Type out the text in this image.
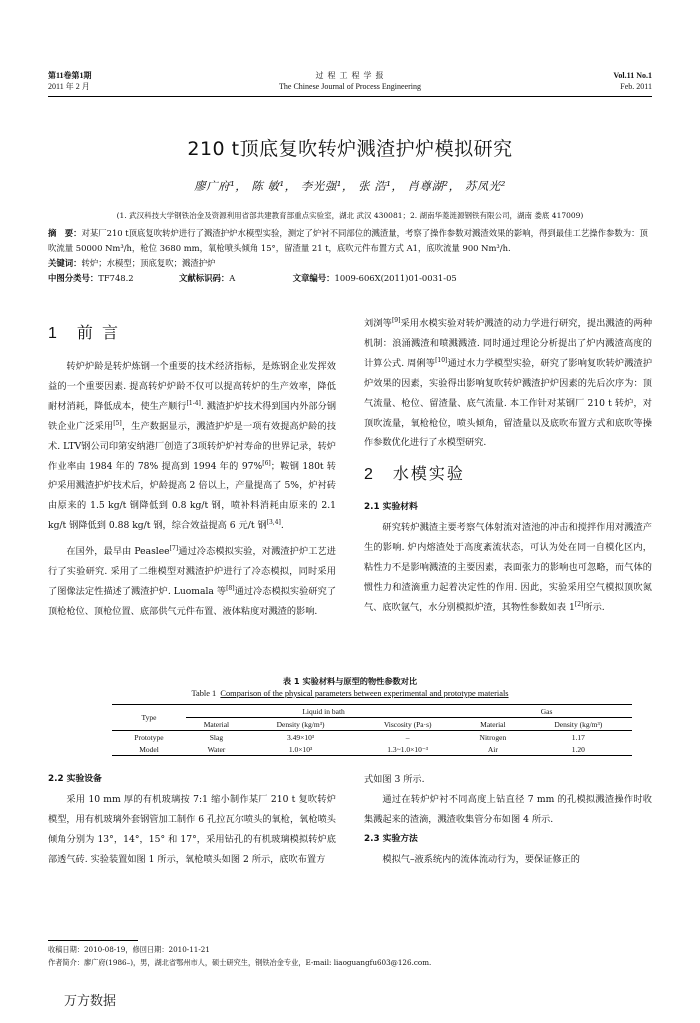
第11卷第1期
2011 年 2 月
过 程 工 程 学 报
The Chinese Journal of Process Engineering
Vol.11 No.1
Feb. 2011
210 t顶底复吹转炉溅渣护炉模拟研究
廖广府¹， 陈 敏¹， 李光强¹， 张 浩¹， 肖尊湖²， 苏凤光²
(1. 武汉科技大学钢铁冶金及资源利用省部共建教育部重点实验室，湖北 武汉 430081；2. 湖南华菱涟源钢铁有限公司，湖南 娄底 417009)

摘　要：对某厂210 t顶底复吹转炉进行了溅渣护炉水模型实验，测定了炉衬不同部位的溅渣量，考察了操作参数对溅渣效果的影响，得到最佳工艺操作参数为：顶吹流量 50000 Nm³/h，枪位 3680 mm，氧枪喷头倾角 15°，留渣量 21 t，底吹元件布置方式 A1，底吹流量 900 Nm³/h.

关键词：转炉；水模型；顶底复吹；溅渣护炉

中图分类号：TF748.2	文献标识码：A	文章编号：1009-606X(2011)01-0031-05

1 前 言

转炉炉龄是转炉炼钢一个重要的技术经济指标，是炼钢企业发挥效益的一个重要因素. 提高转炉炉龄不仅可以提高转炉的生产效率，降低耐材消耗，降低成本，使生产顺行[1-4]. 溅渣护炉技术得到国内外部分钢铁企业广泛采用[5]，生产数据显示，溅渣护炉是一项有效提高炉龄的技术. LTV钢公司印第安纳港厂创造了3项转炉炉衬寿命的世界记录，转炉作业率由 1984 年的 78% 提高到 1994 年的 97%[6]；鞍钢 180t 转炉采用溅渣护炉技术后，炉龄提高 2 倍以上，产量提高了 5%，炉衬砖由原来的 1.5 kg/t 钢降低到 0.8 kg/t 钢，喷补料消耗由原来的 2.1 kg/t 钢降低到 0.88 kg/t 钢，综合效益提高 6 元/t 钢[3,4].

在国外，最早由 Peaslee[7]通过冷态模拟实验，对溅渣护炉工艺进行了实验研究. 采用了二维模型对溅渣护炉进行了冷态模拟，同时采用了图像法定性描述了溅渣护炉. Luomala 等[8]通过冷态模拟实验研究了顶枪枪位、顶枪位置、底部供气元件布置、液体粘度对溅渣的影响.

刘浏等[9]采用水模实验对转炉溅渣的动力学进行研究，提出溅渣的两种机制：浪涌溅渣和喷溅溅渣. 同时通过理论分析提出了炉内溅渣高度的计算公式. 周俐等[10]通过水力学模型实验，研究了影响复吹转炉溅渣护炉效果的因素，实验得出影响复吹转炉溅渣护炉因素的先后次序为：顶气流量、枪位、留渣量、底气流量. 本工作针对某钢厂 210 t 转炉，对顶吹流量，氧枪枪位，喷头倾角，留渣量以及底吹布置方式和底吹等操作参数优化进行了水模型研究.

2 水模实验
2.1 实验材料

研究转炉溅渣主要考察气体射流对渣池的冲击和搅拌作用对溅渣产生的影响. 炉内熔渣处于高度紊流状态，可认为处在同一自模化区内，粘性力不是影响溅渣的主要因素，表面张力的影响也可忽略，而气体的惯性力和渣滴重力起着决定性的作用. 因此，实验采用空气模拟顶吹氮气、底吹氩气，水分别模拟炉渣，其物性参数如表 1[2]所示.

表 1 实验材料与原型的物性参数对比
Table 1 Comparison of the physical parameters between experimental and prototype materials
Type	Liquid in bath			Gas	
	Material	Density (kg/m³)	Viscosity (Pa·s)	Material	Density (kg/m³)
Prototype	Slag	3.49×10³	–	Nitrogen	1.17
Model	Water	1.0×10³	1.3~1.0×10⁻³	Air	1.20
2.2 实验设备

采用 10 mm 厚的有机玻璃按 7:1 缩小制作某厂 210 t 复吹转炉模型，用有机玻璃外套钢管加工制作 6 孔拉瓦尔喷头的氧枪，氧枪喷头倾角分别为 13°，14°，15° 和 17°，采用钻孔的有机玻璃模拟转炉底部透气砖. 实验装置如图 1 所示，氧枪喷头如图 2 所示，底吹布置方

式如图 3 所示.

通过在转炉炉衬不同高度上钻直径 7 mm 的孔模拟溅渣操作时收集溅起来的渣滴，溅渣收集管分布如图 4 所示.

2.3 实验方法

模拟气–液系统内的流体流动行为，要保证修正的

收稿日期：2010-08-19，修回日期：2010-11-21
作者简介：廖广府(1986–)，男，湖北省鄂州市人，硕士研究生，钢铁冶金专业，E-mail: liaoguangfu603@126.com.
万方数据
